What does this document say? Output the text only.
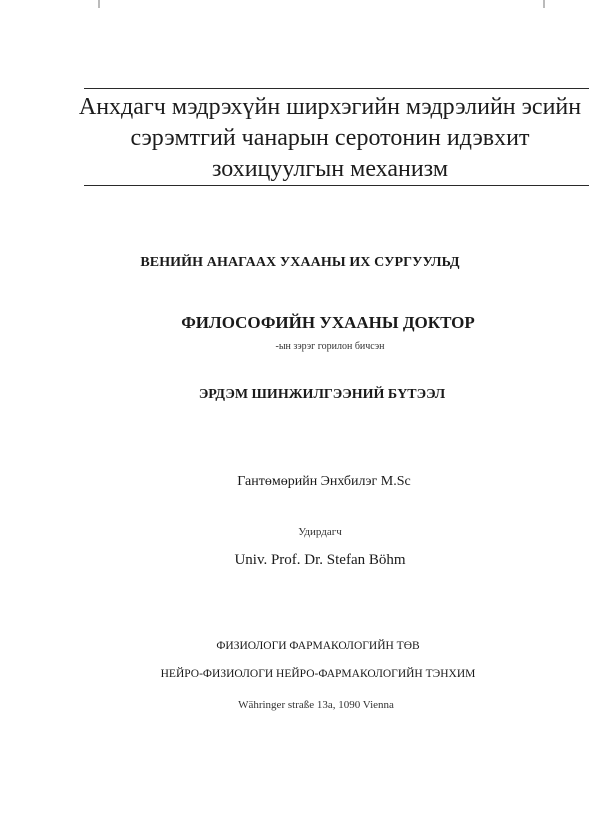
Анхдагч мэдрэхүйн ширхэгийн мэдрэлийн эсийн
сэрэмтгий чанарын серотонин идэвхит
зохицуулгын механизм
ВЕНИЙН АНАГААХ УХААНЫ ИХ СУРГУУЛЬД
ФИЛОСОФИЙН УХААНЫ ДОКТОР
-ын зэрэг горилон бичсэн
ЭРДЭМ ШИНЖИЛГЭЭНИЙ БҮТЭЭЛ
Гантөмөрийн Энхбилэг M.Sc
Удирдагч
Univ. Prof. Dr. Stefan Böhm
ФИЗИОЛОГИ ФАРМАКОЛОГИЙН ТӨВ
НЕЙРО-ФИЗИОЛОГИ НЕЙРО-ФАРМАКОЛОГИЙН ТЭНХИМ
Währinger straße 13a, 1090 Vienna
